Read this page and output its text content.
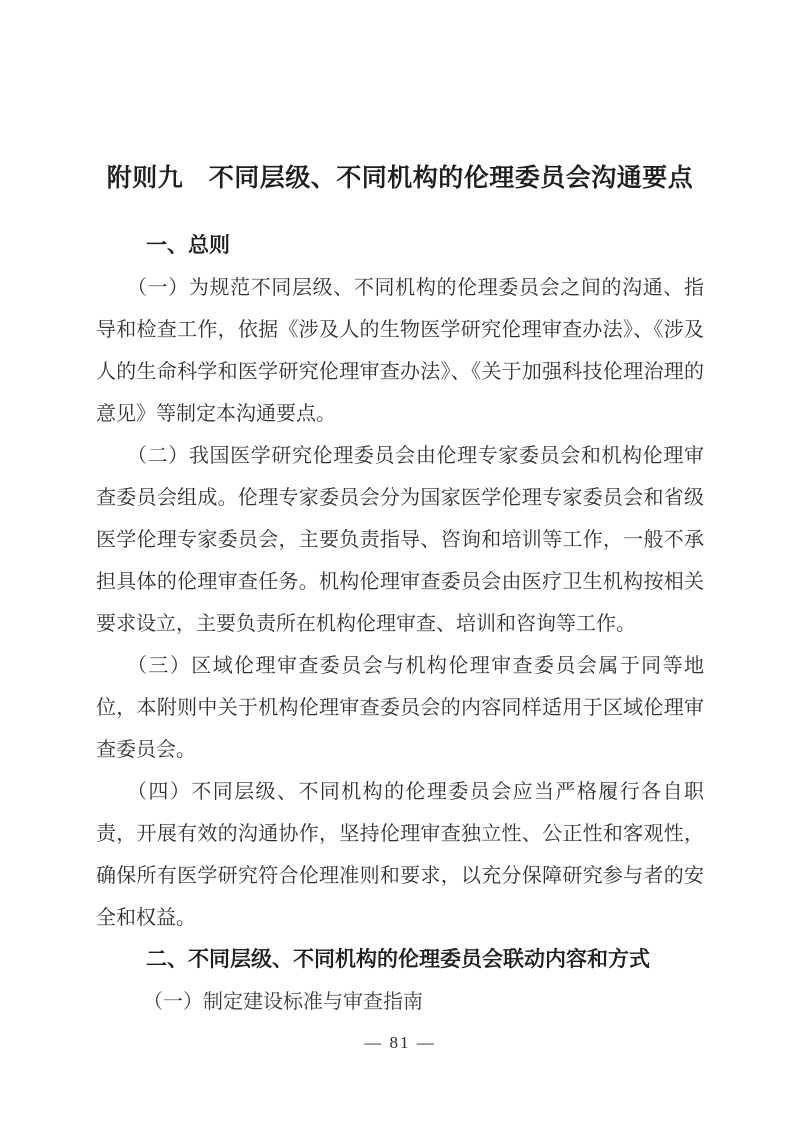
附则九　不同层级、不同机构的伦理委员会沟通要点
一、总则

（一）为规范不同层级、不同机构的伦理委员会之间的沟通、指导和检查工作，依据《涉及人的生物医学研究伦理审查办法》、《涉及人的生命科学和医学研究伦理审查办法》、《关于加强科技伦理治理的意见》等制定本沟通要点。

（二）我国医学研究伦理委员会由伦理专家委员会和机构伦理审查委员会组成。伦理专家委员会分为国家医学伦理专家委员会和省级医学伦理专家委员会，主要负责指导、咨询和培训等工作，一般不承担具体的伦理审查任务。机构伦理审查委员会由医疗卫生机构按相关要求设立，主要负责所在机构伦理审查、培训和咨询等工作。

（三）区域伦理审查委员会与机构伦理审查委员会属于同等地位，本附则中关于机构伦理审查委员会的内容同样适用于区域伦理审查委员会。

（四）不同层级、不同机构的伦理委员会应当严格履行各自职责，开展有效的沟通协作，坚持伦理审查独立性、公正性和客观性，确保所有医学研究符合伦理准则和要求，以充分保障研究参与者的安全和权益。

二、不同层级、不同机构的伦理委员会联动内容和方式

（一）制定建设标准与审查指南

— 81 —
